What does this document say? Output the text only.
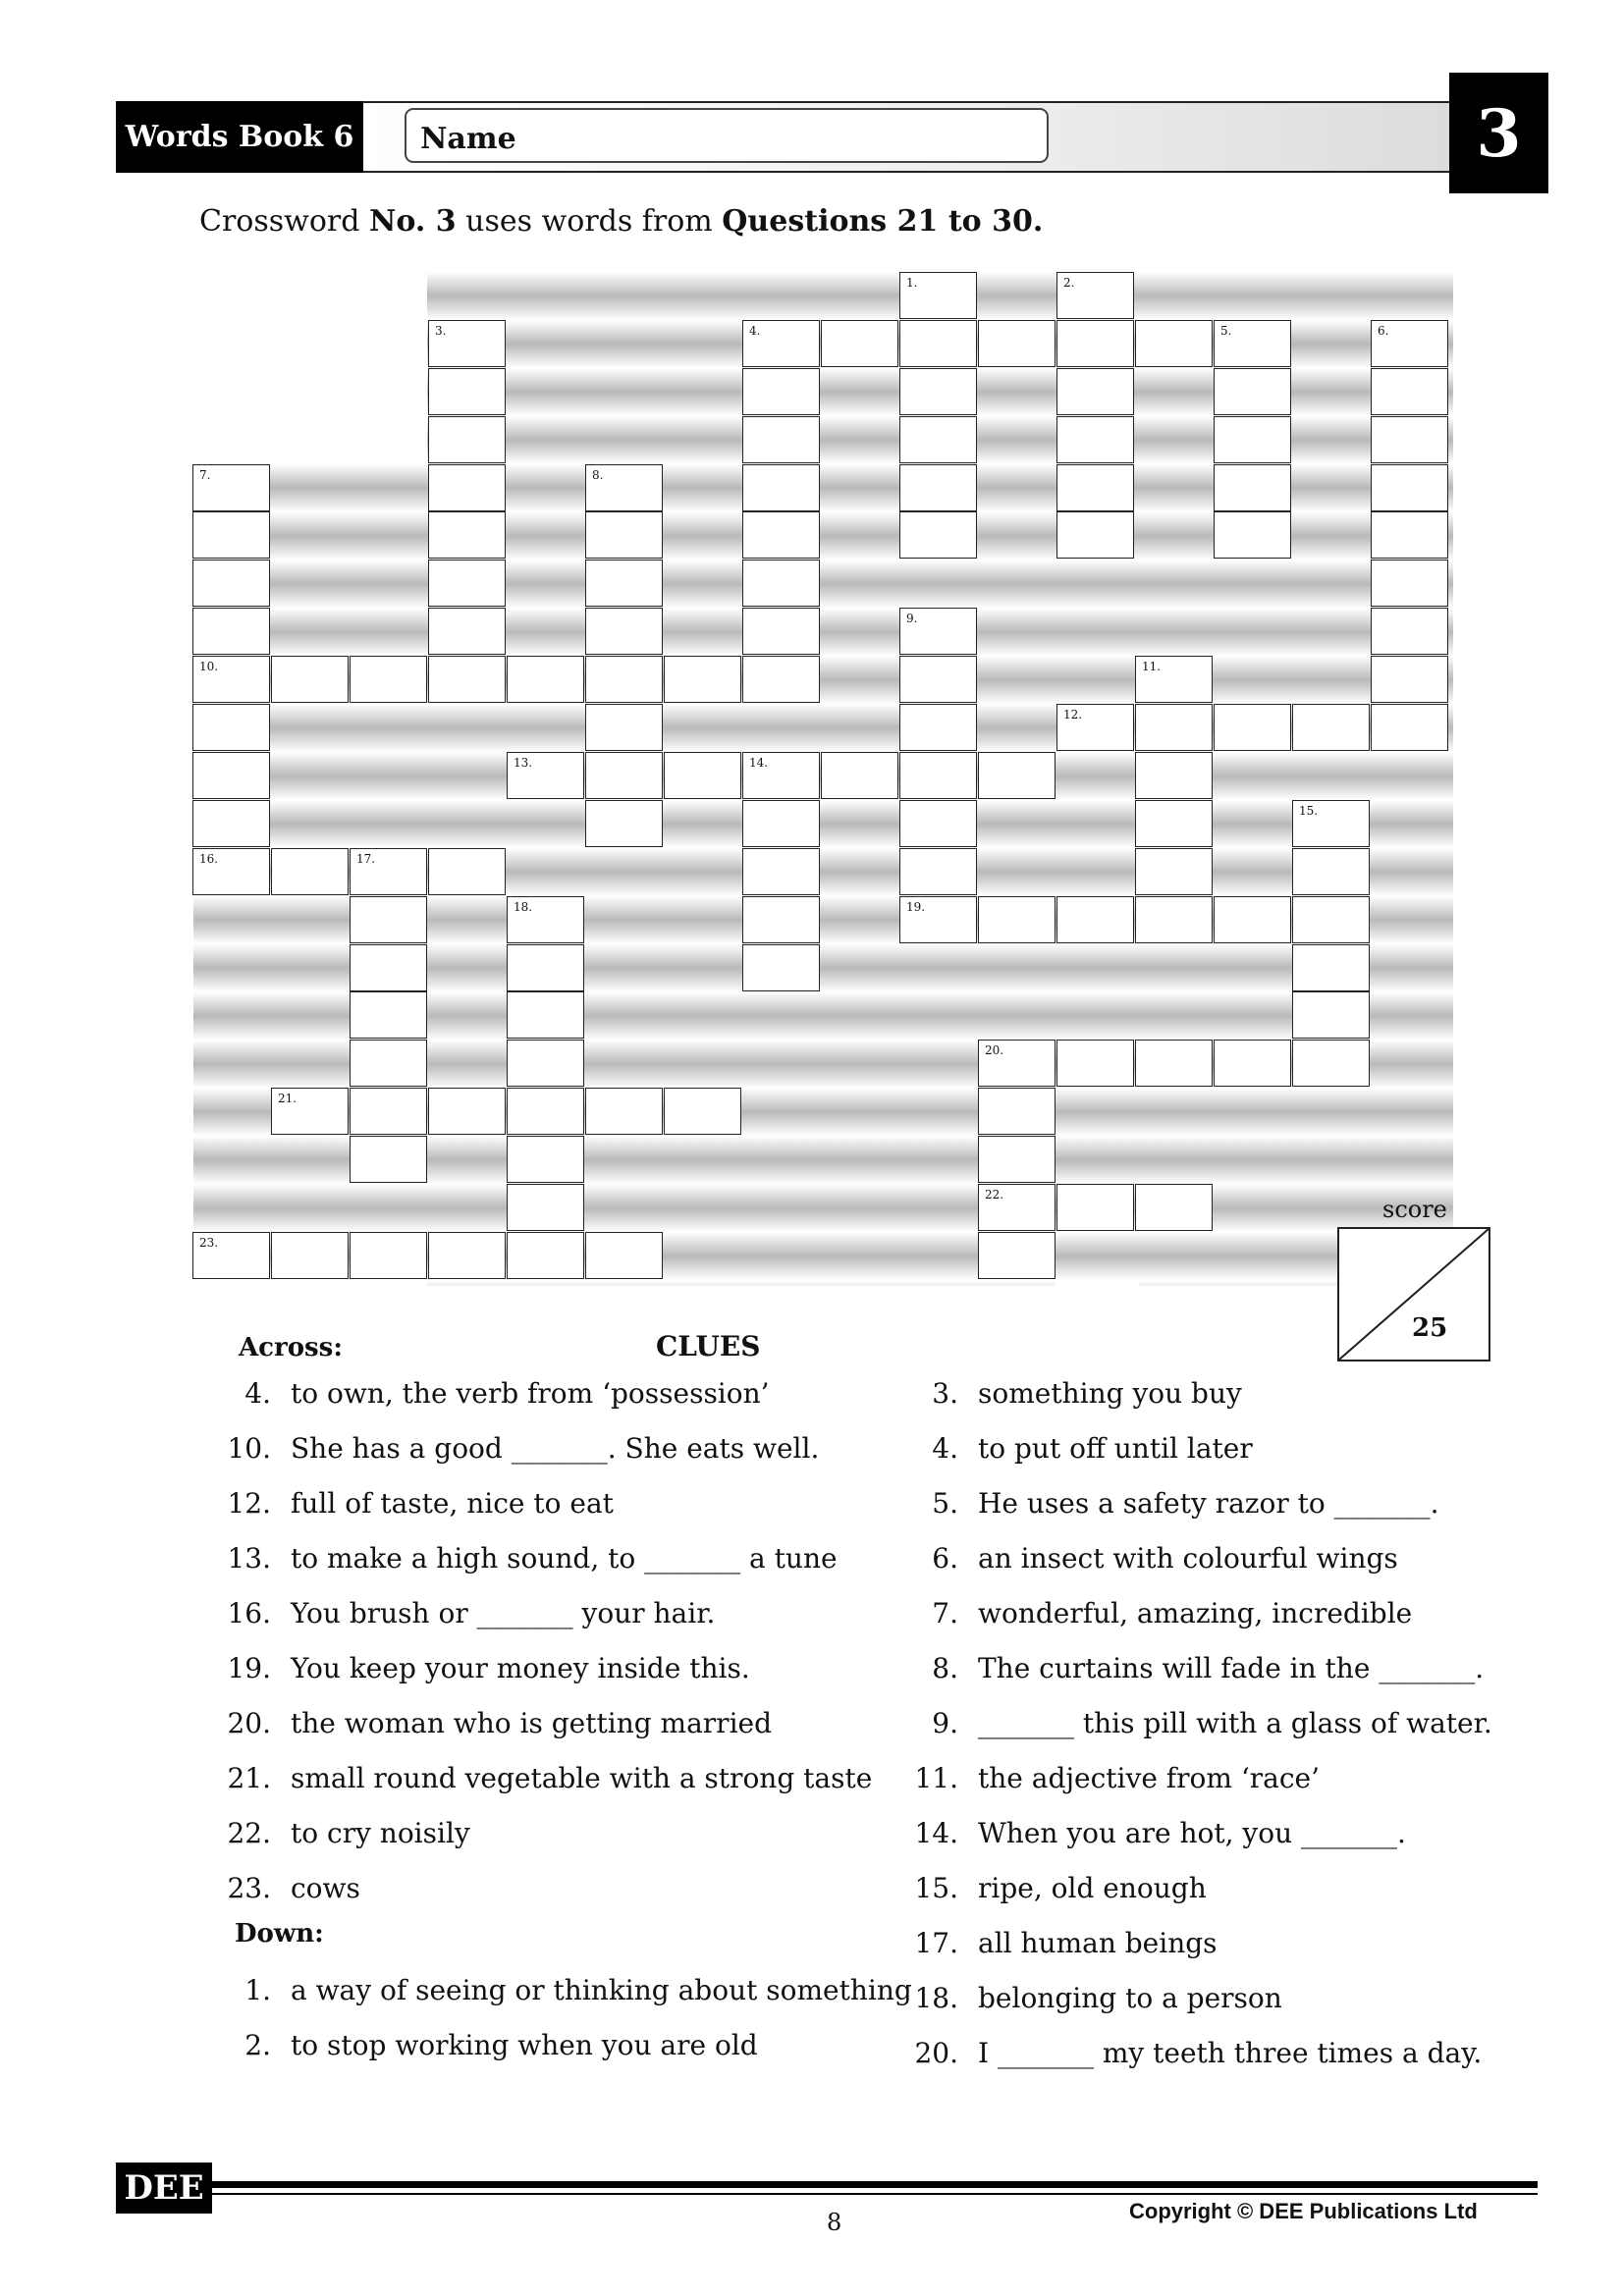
Words Book 6	Name	3
Crossword No. 3 uses words from Questions 21 to 30.
1.	2.
3.	4.	5.	6.
7.	8.
9.
10.	11.
12.
13.	14.
15.
16.	17.
18.	19.
20.
21.
22.
23.
score
25
Across:	CLUES
Down:
4. to own, the verb from ‘possession’
10. She has a good _______. She eats well.
12. full of taste, nice to eat
13. to make a high sound, to _______ a tune
16. You brush or _______ your hair.
19. You keep your money inside this.
20. the woman who is getting married
21. small round vegetable with a strong taste
22. to cry noisily
23. cows
1. a way of seeing or thinking about something
2. to stop working when you are old
3. something you buy
4. to put off until later
5. He uses a safety razor to _______.
6. an insect with colourful wings
7. wonderful, amazing, incredible
8. The curtains will fade in the _______.
9. _______ this pill with a glass of water.
11. the adjective from ‘race’
14. When you are hot, you _______.
15. ripe, old enough
17. all human beings
18. belonging to a person
20. I _______ my teeth three times a day.
DEE
8	Copyright © DEE Publications Ltd
